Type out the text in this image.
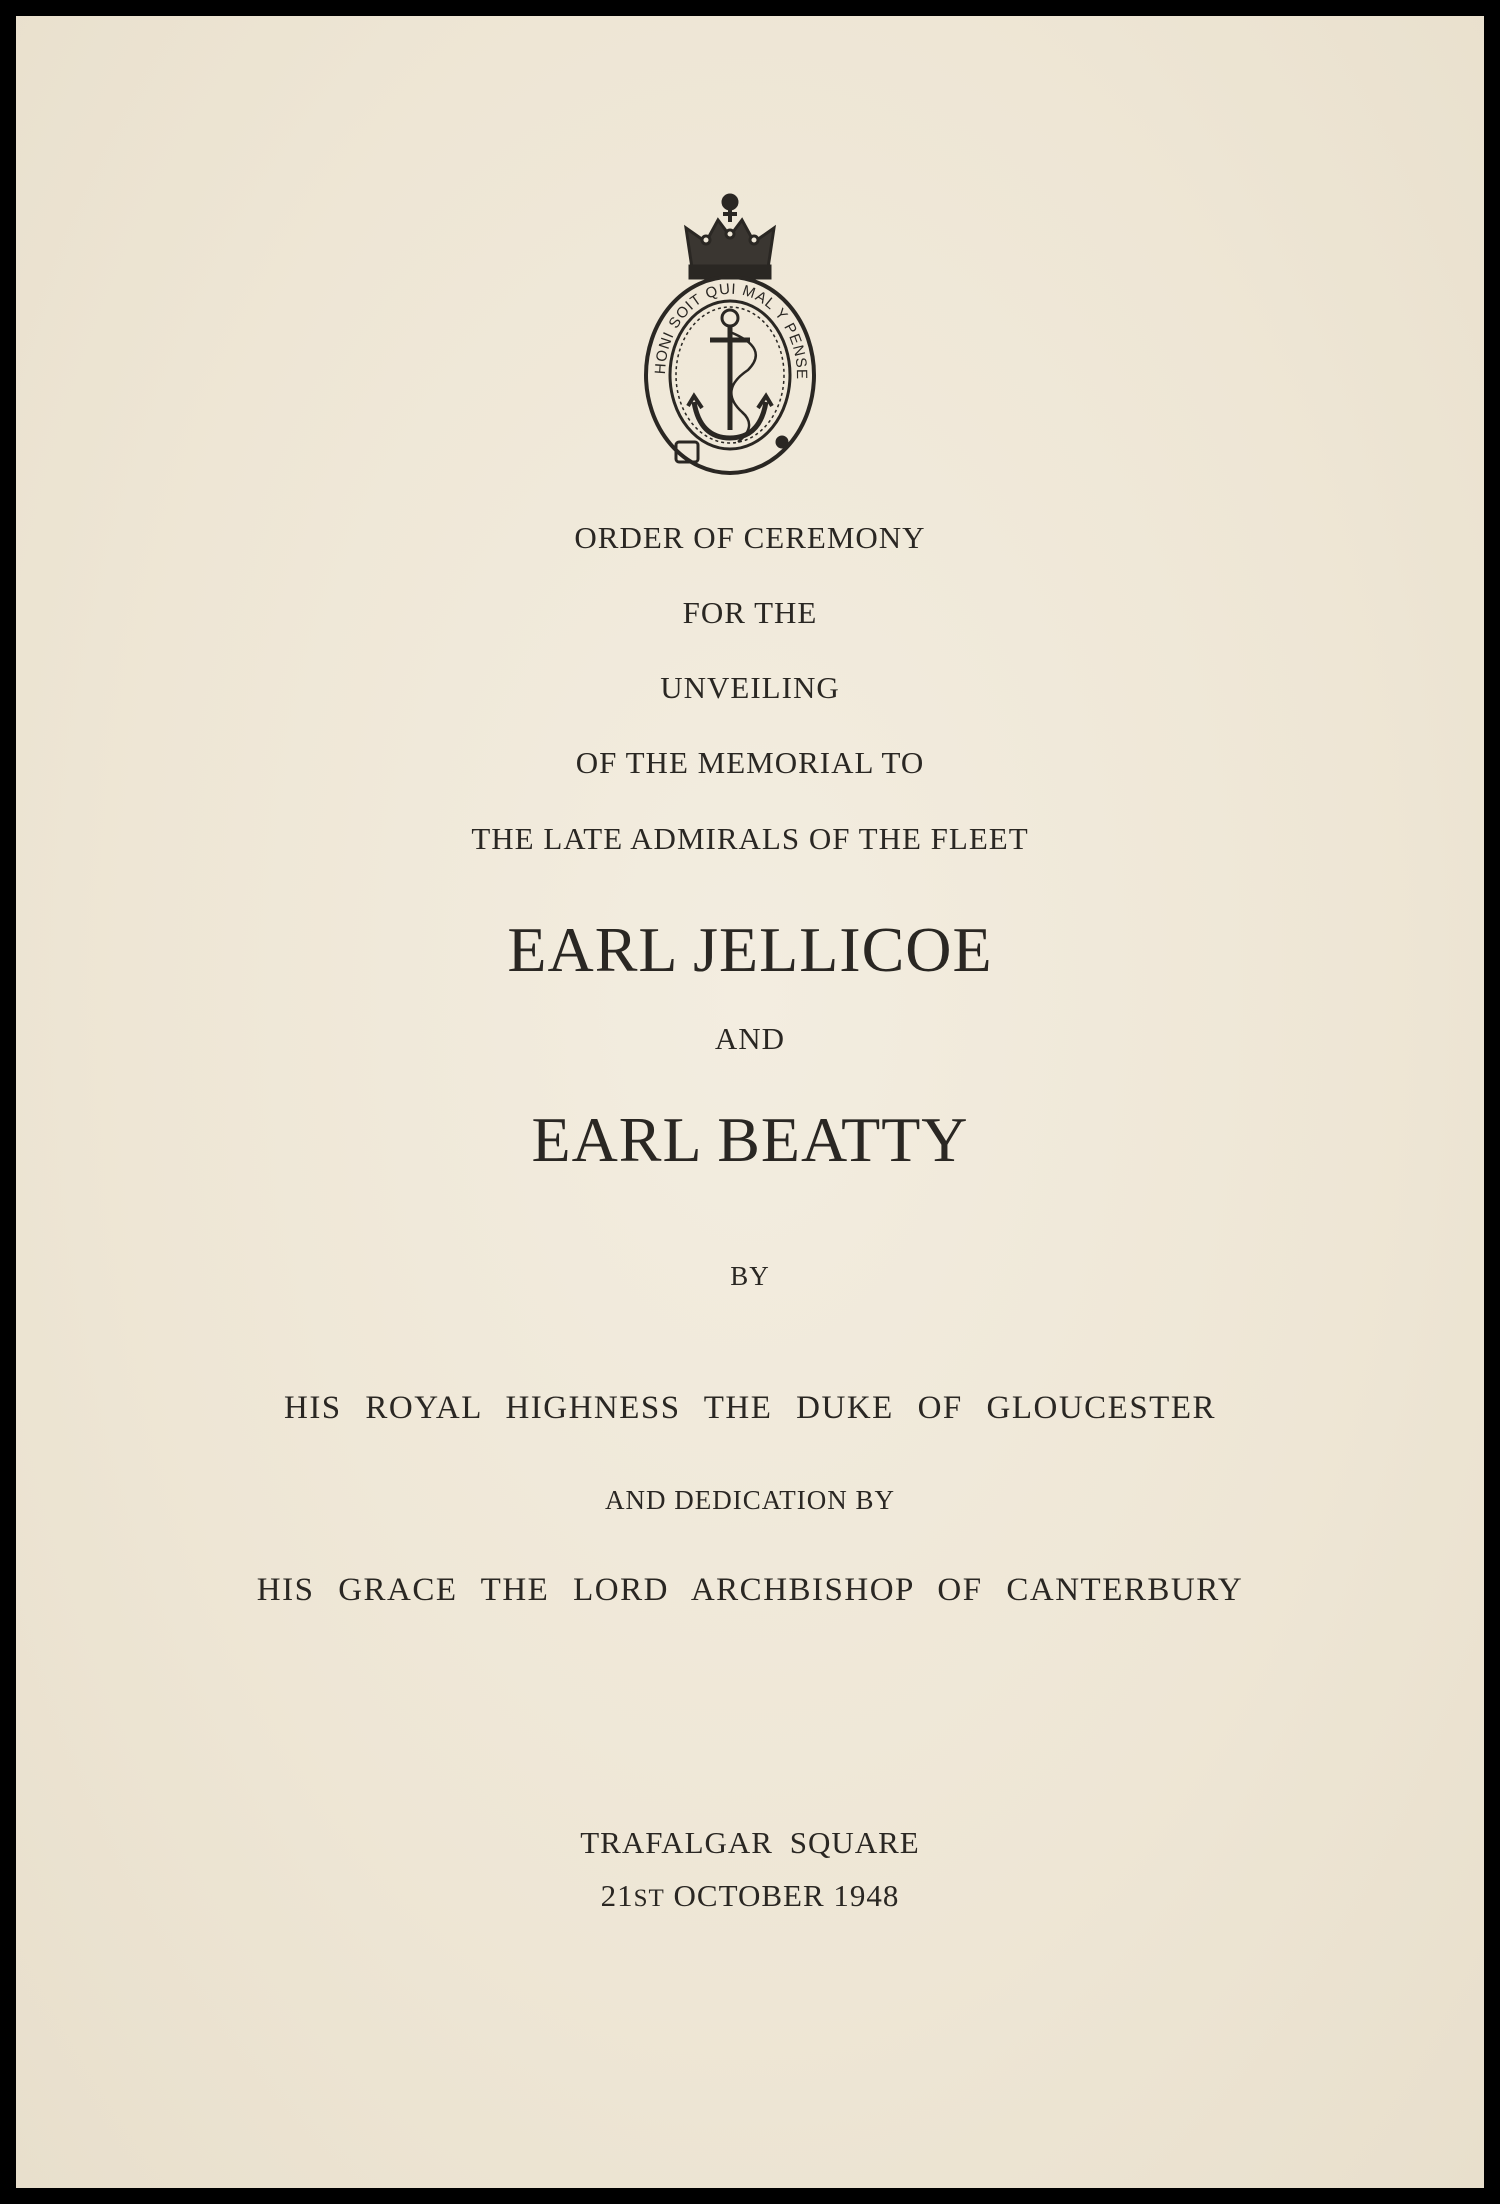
HONI SOIT QUI MAL Y PENSE

ORDER OF CEREMONY

FOR THE

UNVEILING

OF THE MEMORIAL TO

THE LATE ADMIRALS OF THE FLEET

EARL JELLICOE

AND

EARL BEATTY

BY

HIS ROYAL HIGHNESS THE DUKE OF GLOUCESTER

AND DEDICATION BY

HIS GRACE THE LORD ARCHBISHOP OF CANTERBURY

TRAFALGAR SQUARE

21ST OCTOBER 1948
